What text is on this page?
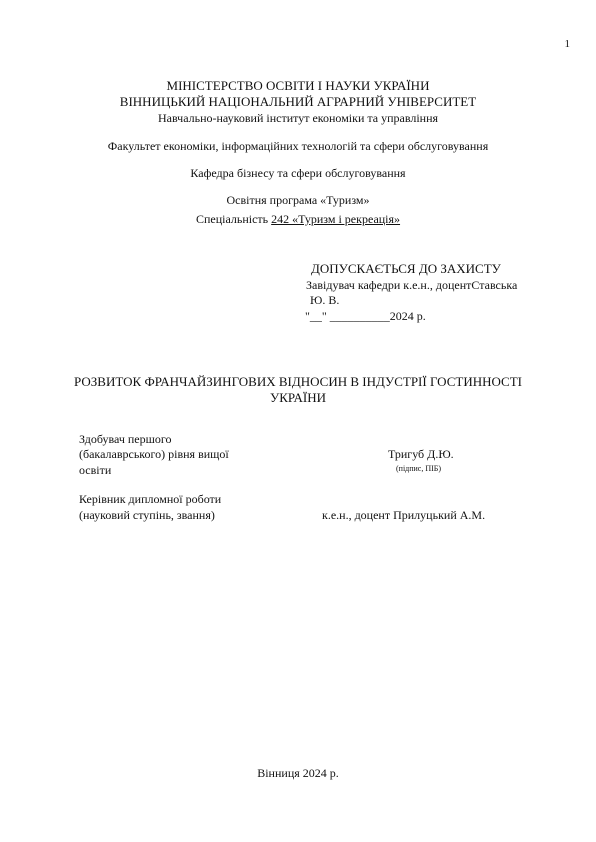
1
МІНІСТЕРСТВО ОСВІТИ І НАУКИ УКРАЇНИ
ВІННИЦЬКИЙ НАЦІОНАЛЬНИЙ АГРАРНИЙ УНІВЕРСИТЕТ
Навчально-науковий інститут економіки та управління
Факультет економіки, інформаційних технологій та сфери обслуговування
Кафедра бізнесу та сфери обслуговування
Освітня програма «Туризм»
Спеціальність 242 «Туризм і рекреація»
ДОПУСКАЄТЬСЯ ДО ЗАХИСТУ
Завідувач кафедри к.е.н., доцентСтавська
Ю. В.
"__" __________2024 р.
РОЗВИТОК ФРАНЧАЙЗИНГОВИХ ВІДНОСИН В ІНДУСТРІЇ ГОСТИННОСТІ
УКРАЇНИ
Здобувач першого
(бакалаврського) рівня вищої
освіти
Тригуб Д.Ю.
(підпис, ПІБ)
Керівник дипломної роботи
(науковий ступінь, звання)	к.е.н., доцент Прилуцький А.М.
Вінниця 2024 р.
